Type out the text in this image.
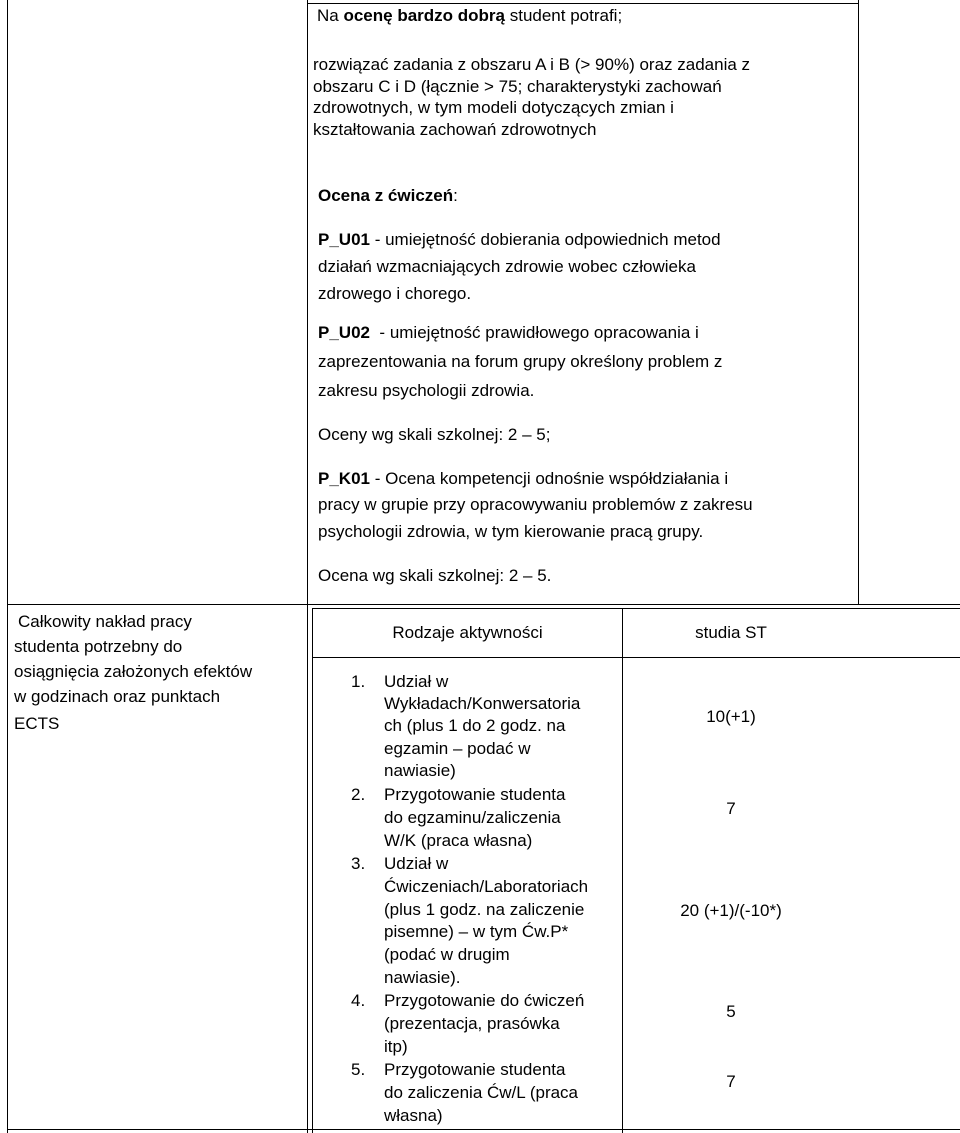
Na ocenę bardzo dobrą student potrafi;
rozwiązać zadania z obszaru A i B (> 90%) oraz zadania z
obszaru C i D (łącznie > 75; charakterystyki zachowań
zdrowotnych, w tym modeli dotyczących zmian i
kształtowania zachowań zdrowotnych
Ocena z ćwiczeń:
P_U01 - umiejętność dobierania odpowiednich metod
działań wzmacniających zdrowie wobec człowieka
zdrowego i chorego.
P_U02  - umiejętność prawidłowego opracowania i
zaprezentowania na forum grupy określony problem z
zakresu psychologii zdrowia.
Oceny wg skali szkolnej: 2 – 5;
P_K01 - Ocena kompetencji odnośnie współdziałania i
pracy w grupie przy opracowywaniu problemów z zakresu
psychologii zdrowia, w tym kierowanie pracą grupy.
Ocena wg skali szkolnej: 2 – 5.
Całkowity nakład pracy
studenta potrzebny do
osiągnięcia założonych efektów
w godzinach oraz punktach
ECTS
Rodzaje aktywności	studia ST
1. Udział w
Wykładach/Konwersatoria
ch (plus 1 do 2 godz. na
egzamin – podać w
nawiasie)
10(+1)
2. Przygotowanie studenta
do egzaminu/zaliczenia
W/K (praca własna)
7
3. Udział w
Ćwiczeniach/Laboratoriach
(plus 1 godz. na zaliczenie
pisemne) – w tym Ćw.P*
(podać w drugim
nawiasie).
20 (+1)/(-10*)
4. Przygotowanie do ćwiczeń
(prezentacja, prasówka
itp)
5
5. Przygotowanie studenta
do zaliczenia Ćw/L (praca
własna)
7
